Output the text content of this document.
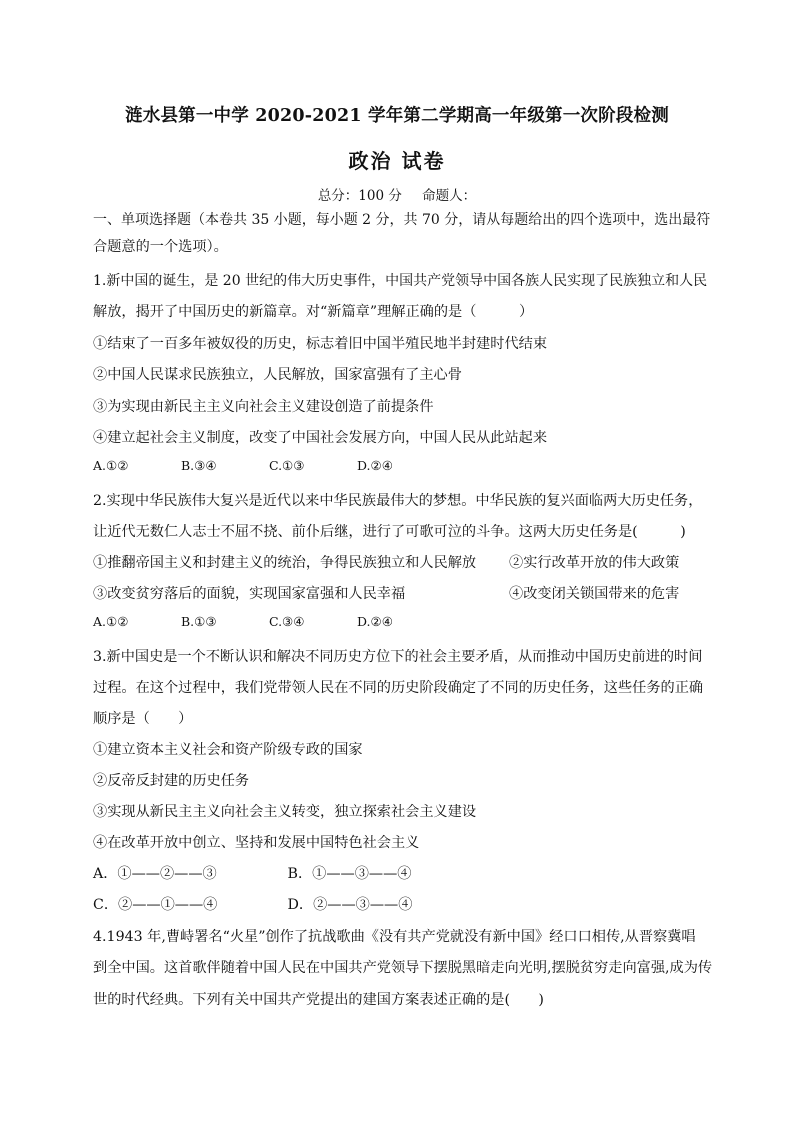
涟水县第一中学 2020-2021 学年第二学期高一年级第一次阶段检测
政治 试卷
总分：100 分 命题人：
一、单项选择题（本卷共 35 小题，每小题 2 分，共 70 分，请从每题给出的四个选项中，选出最符
合题意的一个选项）。
1.新中国的诞生，是 20 世纪的伟大历史事件，中国共产党领导中国各族人民实现了民族独立和人民
解放，揭开了中国历史的新篇章。对“新篇章”理解正确的是（　　　）
①结束了一百多年被奴役的历史，标志着旧中国半殖民地半封建时代结束
②中国人民谋求民族独立，人民解放，国家富强有了主心骨
③为实现由新民主主义向社会主义建设创造了前提条件
④建立起社会主义制度，改变了中国社会发展方向，中国人民从此站起来
A.①②	B.③④	C.①③	D.②④
2.实现中华民族伟大复兴是近代以来中华民族最伟大的梦想。中华民族的复兴面临两大历史任务，
让近代无数仁人志士不屈不挠、前仆后继，进行了可歌可泣的斗争。这两大历史任务是(　　　)
①推翻帝国主义和封建主义的统治，争得民族独立和人民解放 ②实行改革开放的伟大政策
③改变贫穷落后的面貌，实现国家富强和人民幸福	④改变闭关锁国带来的危害
A.①②	B.①③	C.③④	D.②④
3.新中国史是一个不断认识和解决不同历史方位下的社会主要矛盾，从而推动中国历史前进的时间
过程。在这个过程中，我们党带领人民在不同的历史阶段确定了不同的历史任务，这些任务的正确
顺序是（　　）
①建立资本主义社会和资产阶级专政的国家
②反帝反封建的历史任务
③实现从新民主主义向社会主义转变，独立探索社会主义建设
④在改革开放中创立、坚持和发展中国特色社会主义
A．①——②——③	B．①——③——④
C．②——①——④	D．②——③——④
4.1943 年,曹峙署名“火星”创作了抗战歌曲《没有共产党就没有新中国》经口口相传,从晋察冀唱
到全中国。这首歌伴随着中国人民在中国共产党领导下摆脱黑暗走向光明,摆脱贫穷走向富强,成为传
世的时代经典。下列有关中国共产党提出的建国方案表述正确的是(　　)
